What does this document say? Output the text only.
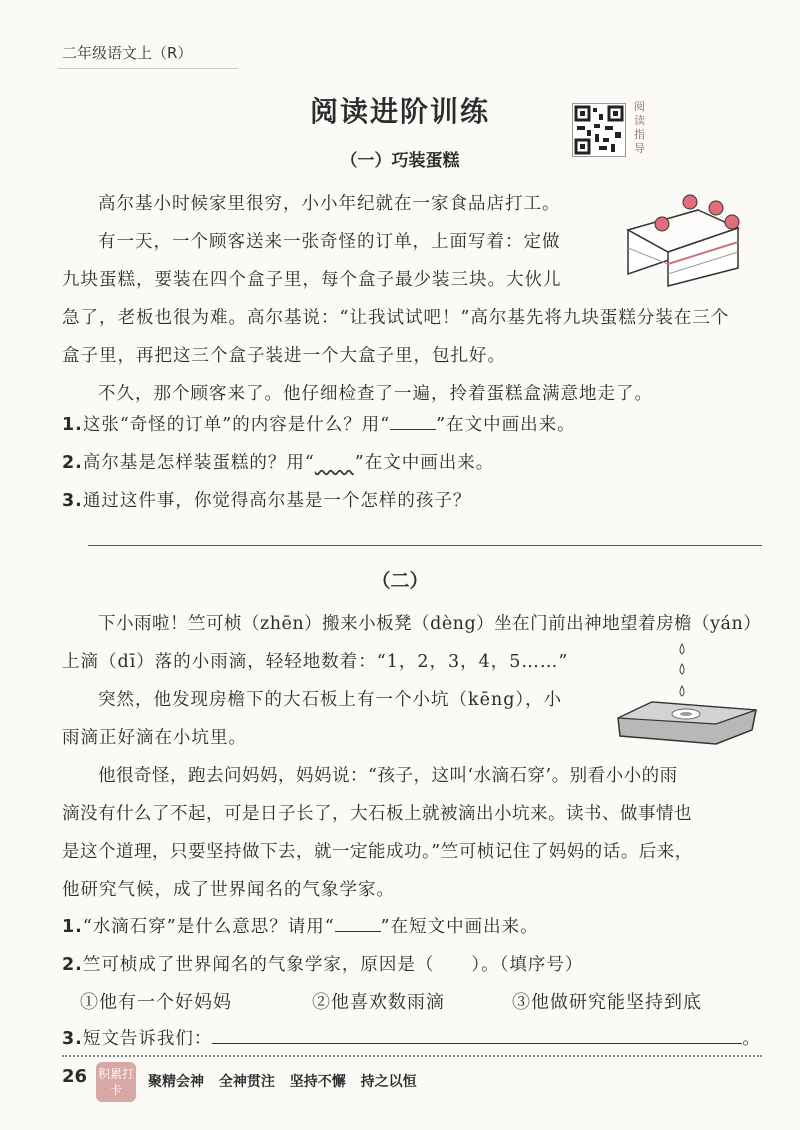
二年级语文上（R）
阅读进阶训练	阅读指导
（一）巧装蛋糕
高尔基小时候家里很穷，小小年纪就在一家食品店打工。
有一天，一个顾客送来一张奇怪的订单，上面写着：定做
九块蛋糕，要装在四个盒子里，每个盒子最少装三块。大伙儿
急了，老板也很为难。高尔基说：“让我试试吧！”高尔基先将九块蛋糕分装在三个
盒子里，再把这三个盒子装进一个大盒子里，包扎好。
不久，那个顾客来了。他仔细检查了一遍，拎着蛋糕盒满意地走了。
1.这张“奇怪的订单”的内容是什么？用“	”在文中画出来。
2.高尔基是怎样装蛋糕的？用“ ”在文中画出来。
3.通过这件事，你觉得高尔基是一个怎样的孩子？
（二）
下小雨啦！竺可桢（zhēn）搬来小板凳（dèng）坐在门前出神地望着房檐（yán）
上滴（dī）落的小雨滴，轻轻地数着：“1，2，3，4，5……”
突然，他发现房檐下的大石板上有一个小坑（kēng），小
雨滴正好滴在小坑里。
他很奇怪，跑去问妈妈，妈妈说：“孩子，这叫‘水滴石穿’。别看小小的雨
滴没有什么了不起，可是日子长了，大石板上就被滴出小坑来。读书、做事情也
是这个道理，只要坚持做下去，就一定能成功。”竺可桢记住了妈妈的话。后来，
他研究气候，成了世界闻名的气象学家。
1.“水滴石穿”是什么意思？请用“	”在短文中画出来。
2.竺可桢成了世界闻名的气象学家，原因是（　　）。（填序号）
①他有一个好妈妈	②他喜欢数雨滴	③他做研究能坚持到底
3.短文告诉我们：	。
26 积累打卡	聚精会神 全神贯注 坚持不懈 持之以恒
